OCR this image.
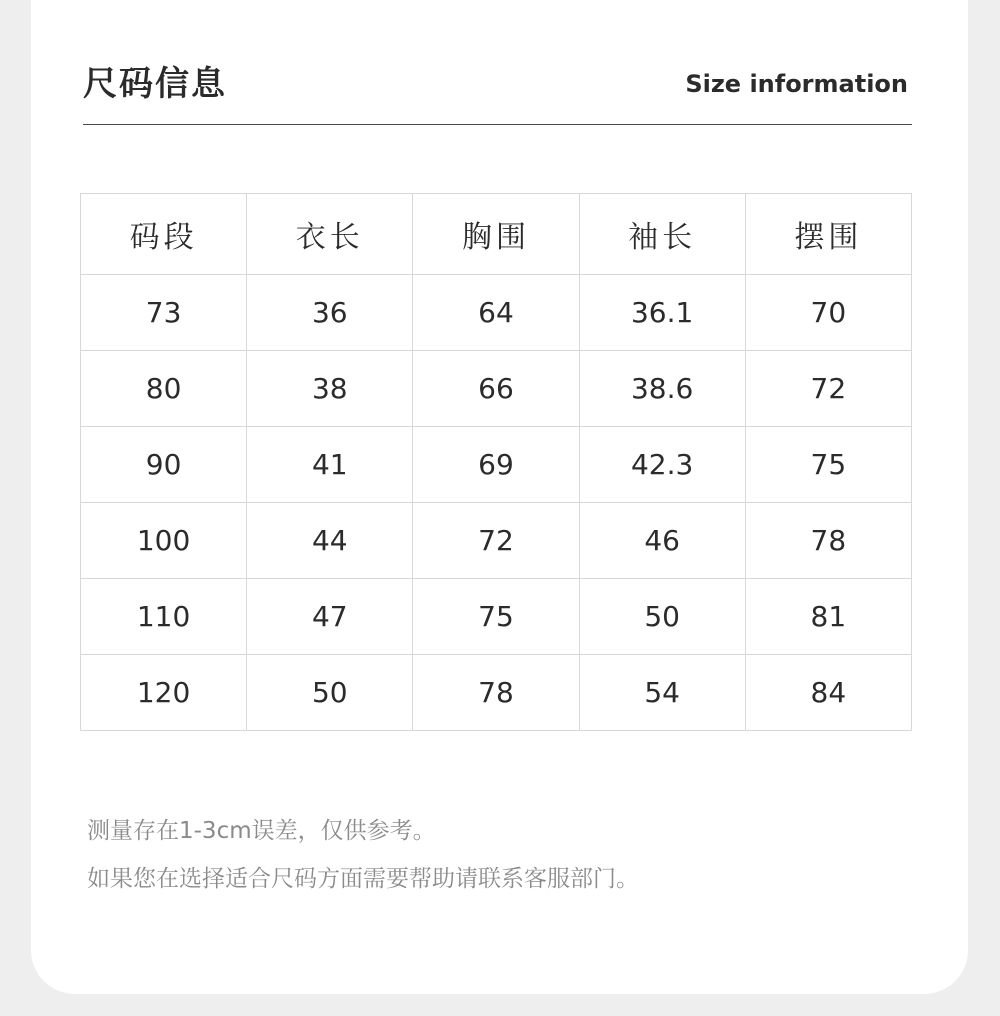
尺码信息	Size information
码段	衣长	胸围	袖长	摆围
73	36	64	36.1	70
80	38	66	38.6	72
90	41	69	42.3	75
100	44	72	46	78
110	47	75	50	81
120	50	78	54	84
测量存在1-3cm误差，仅供参考。
如果您在选择适合尺码方面需要帮助请联系客服部门。
